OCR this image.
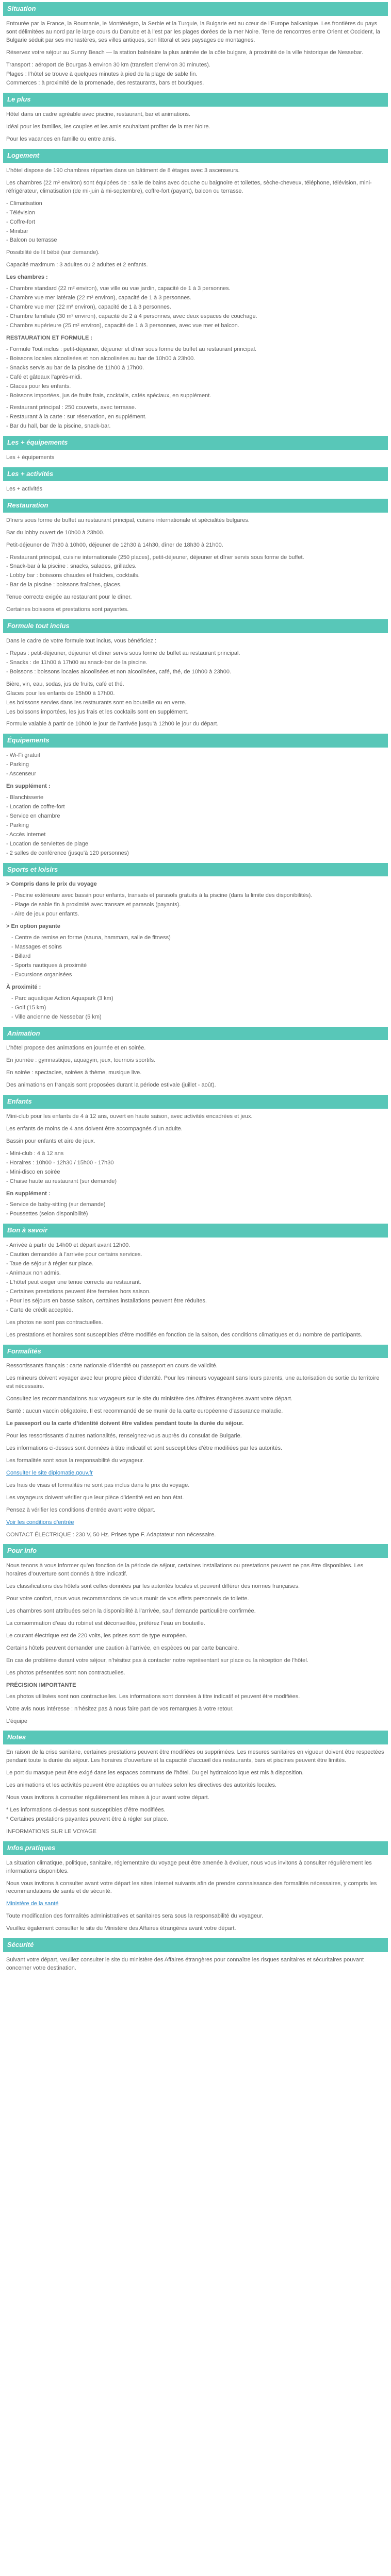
Situation
Entourée par la France, la Roumanie, le Monténégro, la Serbie et la Turquie, la Bulgarie est au cœur de l’Europe balkanique. Les frontières du pays sont délimitées au nord par le large cours du Danube et à l’est par les plages dorées de la mer Noire. Terre de rencontres entre Orient et Occident, la Bulgarie séduit par ses monastères, ses villes antiques, son littoral et ses paysages de montagnes.
Réservez votre séjour au Sunny Beach — la station balnéaire la plus animée de la côte bulgare, à proximité de la ville historique de Nessebar.
Transport : aéroport de Bourgas à environ 30 km (transfert d’environ 30 minutes).
Plages : l’hôtel se trouve à quelques minutes à pied de la plage de sable fin.
Commerces : à proximité de la promenade, des restaurants, bars et boutiques.
Le plus
Hôtel dans un cadre agréable avec piscine, restaurant, bar et animations.
Idéal pour les familles, les couples et les amis souhaitant profiter de la mer Noire.
Pour les vacances en famille ou entre amis.
Logement
L’hôtel dispose de 190 chambres réparties dans un bâtiment de 8 étages avec 3 ascenseurs.
Les chambres (22 m² environ) sont équipées de : salle de bains avec douche ou baignoire et toilettes, sèche-cheveux, téléphone, télévision, mini-réfrigérateur, climatisation (de mi-juin à mi-septembre), coffre-fort (payant), balcon ou terrasse.
- Climatisation
- Télévision
- Coffre-fort
- Minibar
- Balcon ou terrasse
Possibilité de lit bébé (sur demande).
Capacité maximum : 3 adultes ou 2 adultes et 2 enfants.
Les chambres :
- Chambre standard (22 m² environ), vue ville ou vue jardin, capacité de 1 à 3 personnes.
- Chambre vue mer latérale (22 m² environ), capacité de 1 à 3 personnes.
- Chambre vue mer (22 m² environ), capacité de 1 à 3 personnes.
- Chambre familiale (30 m² environ), capacité de 2 à 4 personnes, avec deux espaces de couchage.
- Chambre supérieure (25 m² environ), capacité de 1 à 3 personnes, avec vue mer et balcon.
RESTAURATION ET FORMULE :
- Formule Tout inclus : petit-déjeuner, déjeuner et dîner sous forme de buffet au restaurant principal.
- Boissons locales alcoolisées et non alcoolisées au bar de 10h00 à 23h00.
- Snacks servis au bar de la piscine de 11h00 à 17h00.
- Café et gâteaux l’après-midi.
- Glaces pour les enfants.
- Boissons importées, jus de fruits frais, cocktails, cafés spéciaux, en supplément.
- Restaurant principal : 250 couverts, avec terrasse.
- Restaurant à la carte : sur réservation, en supplément.
- Bar du hall, bar de la piscine, snack-bar.
Les + équipements
Les + équipements
Les + activités
Les + activités
Restauration
Dîners sous forme de buffet au restaurant principal, cuisine internationale et spécialités bulgares.
Bar du lobby ouvert de 10h00 à 23h00.
Petit-déjeuner de 7h30 à 10h00, déjeuner de 12h30 à 14h30, dîner de 18h30 à 21h00.
- Restaurant principal, cuisine internationale (250 places), petit-déjeuner, déjeuner et dîner servis sous forme de buffet.
- Snack-bar à la piscine : snacks, salades, grillades.
- Lobby bar : boissons chaudes et fraîches, cocktails.
- Bar de la piscine : boissons fraîches, glaces.
Tenue correcte exigée au restaurant pour le dîner.
Certaines boissons et prestations sont payantes.
Formule tout inclus
Dans le cadre de votre formule tout inclus, vous bénéficiez :
- Repas : petit-déjeuner, déjeuner et dîner servis sous forme de buffet au restaurant principal.
- Snacks : de 11h00 à 17h00 au snack-bar de la piscine.
- Boissons : boissons locales alcoolisées et non alcoolisées, café, thé, de 10h00 à 23h00.
Bière, vin, eau, sodas, jus de fruits, café et thé.
Glaces pour les enfants de 15h00 à 17h00.
Les boissons servies dans les restaurants sont en bouteille ou en verre.
Les boissons importées, les jus frais et les cocktails sont en supplément.
Formule valable à partir de 10h00 le jour de l’arrivée jusqu’à 12h00 le jour du départ.
Équipements
- Wi-Fi gratuit
- Parking
- Ascenseur
En supplément :
- Blanchisserie
- Location de coffre-fort
- Service en chambre
- Parking
- Accès Internet
- Location de serviettes de plage
- 2 salles de conférence (jusqu’à 120 personnes)
Sports et loisirs
> Compris dans le prix du voyage
- Piscine extérieure avec bassin pour enfants, transats et parasols gratuits à la piscine (dans la limite des disponibilités).
- Plage de sable fin à proximité avec transats et parasols (payants).
- Aire de jeux pour enfants.
> En option payante
- Centre de remise en forme (sauna, hammam, salle de fitness)
- Massages et soins
- Billard
- Sports nautiques à proximité
- Excursions organisées
À proximité :
- Parc aquatique Action Aquapark (3 km)
- Golf (15 km)
- Ville ancienne de Nessebar (5 km)
Animation
L’hôtel propose des animations en journée et en soirée.
En journée : gymnastique, aquagym, jeux, tournois sportifs.
En soirée : spectacles, soirées à thème, musique live.
Des animations en français sont proposées durant la période estivale (juillet - août).
Enfants
Mini-club pour les enfants de 4 à 12 ans, ouvert en haute saison, avec activités encadrées et jeux.
Les enfants de moins de 4 ans doivent être accompagnés d’un adulte.
Bassin pour enfants et aire de jeux.
- Mini-club : 4 à 12 ans
- Horaires : 10h00 - 12h30 / 15h00 - 17h30
- Mini-disco en soirée
- Chaise haute au restaurant (sur demande)
En supplément :
- Service de baby-sitting (sur demande)
- Poussettes (selon disponibilité)
Bon à savoir
- Arrivée à partir de 14h00 et départ avant 12h00.
- Caution demandée à l’arrivée pour certains services.
- Taxe de séjour à régler sur place.
- Animaux non admis.
- L’hôtel peut exiger une tenue correcte au restaurant.
- Certaines prestations peuvent être fermées hors saison.
- Pour les séjours en basse saison, certaines installations peuvent être réduites.
- Carte de crédit acceptée.
Les photos ne sont pas contractuelles.
Les prestations et horaires sont susceptibles d’être modifiés en fonction de la saison, des conditions climatiques et du nombre de participants.
Formalités
Ressortissants français : carte nationale d’identité ou passeport en cours de validité.
Les mineurs doivent voyager avec leur propre pièce d’identité. Pour les mineurs voyageant sans leurs parents, une autorisation de sortie du territoire est nécessaire.
Consultez les recommandations aux voyageurs sur le site du ministère des Affaires étrangères avant votre départ.
Santé : aucun vaccin obligatoire. Il est recommandé de se munir de la carte européenne d’assurance maladie.
Le passeport ou la carte d’identité doivent être valides pendant toute la durée du séjour.
Pour les ressortissants d’autres nationalités, renseignez-vous auprès du consulat de Bulgarie.
Les informations ci-dessus sont données à titre indicatif et sont susceptibles d’être modifiées par les autorités.
Les formalités sont sous la responsabilité du voyageur.
Consulter le site diplomatie.gouv.fr
Les frais de visas et formalités ne sont pas inclus dans le prix du voyage.
Les voyageurs doivent vérifier que leur pièce d’identité est en bon état.
Pensez à vérifier les conditions d’entrée avant votre départ.
Voir les conditions d’entrée
CONTACT ÉLECTRIQUE : 230 V, 50 Hz. Prises type F. Adaptateur non nécessaire.
Pour info
Nous tenons à vous informer qu’en fonction de la période de séjour, certaines installations ou prestations peuvent ne pas être disponibles. Les horaires d’ouverture sont donnés à titre indicatif.
Les classifications des hôtels sont celles données par les autorités locales et peuvent différer des normes françaises.
Pour votre confort, nous vous recommandons de vous munir de vos effets personnels de toilette.
Les chambres sont attribuées selon la disponibilité à l’arrivée, sauf demande particulière confirmée.
La consommation d’eau du robinet est déconseillée, préférez l’eau en bouteille.
Le courant électrique est de 220 volts, les prises sont de type européen.
Certains hôtels peuvent demander une caution à l’arrivée, en espèces ou par carte bancaire.
En cas de problème durant votre séjour, n’hésitez pas à contacter notre représentant sur place ou la réception de l’hôtel.
Les photos présentées sont non contractuelles.
PRÉCISION IMPORTANTE
Les photos utilisées sont non contractuelles. Les informations sont données à titre indicatif et peuvent être modifiées.
Votre avis nous intéresse : n’hésitez pas à nous faire part de vos remarques à votre retour.
L’équipe
Notes
En raison de la crise sanitaire, certaines prestations peuvent être modifiées ou supprimées. Les mesures sanitaires en vigueur doivent être respectées pendant toute la durée du séjour. Les horaires d’ouverture et la capacité d’accueil des restaurants, bars et piscines peuvent être limités.
Le port du masque peut être exigé dans les espaces communs de l’hôtel. Du gel hydroalcoolique est mis à disposition.
Les animations et les activités peuvent être adaptées ou annulées selon les directives des autorités locales.
Nous vous invitons à consulter régulièrement les mises à jour avant votre départ.
* Les informations ci-dessus sont susceptibles d’être modifiées.
* Certaines prestations payantes peuvent être à régler sur place.
INFORMATIONS SUR LE VOYAGE
Infos pratiques
La situation climatique, politique, sanitaire, réglementaire du voyage peut être amenée à évoluer, nous vous invitons à consulter régulièrement les informations disponibles.
Nous vous invitons à consulter avant votre départ les sites Internet suivants afin de prendre connaissance des formalités nécessaires, y compris les recommandations de santé et de sécurité.
Ministère de la santé
Toute modification des formalités administratives et sanitaires sera sous la responsabilité du voyageur.
Veuillez également consulter le site du Ministère des Affaires étrangères avant votre départ.
Sécurité
Suivant votre départ, veuillez consulter le site du ministère des Affaires étrangères pour connaître les risques sanitaires et sécuritaires pouvant concerner votre destination.
